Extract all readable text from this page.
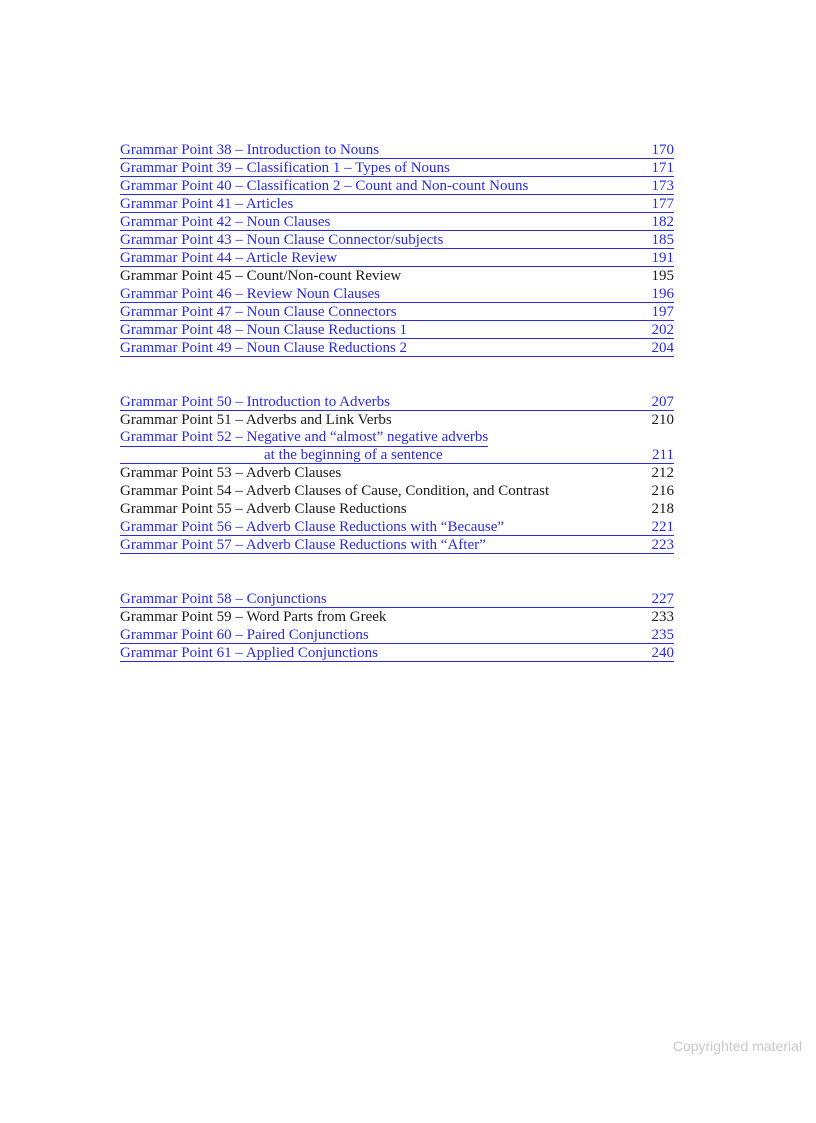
Grammar Point 38 – Introduction to Nouns	170
Grammar Point 39 – Classification 1 – Types of Nouns	171
Grammar Point 40 – Classification 2 – Count and Non-count Nouns	173
Grammar Point 41 – Articles	177
Grammar Point 42 – Noun Clauses	182
Grammar Point 43 – Noun Clause Connector/subjects	185
Grammar Point 44 – Article Review	191
Grammar Point 45 – Count/Non-count Review	195
Grammar Point 46 – Review Noun Clauses	196
Grammar Point 47 – Noun Clause Connectors	197
Grammar Point 48 – Noun Clause Reductions 1	202
Grammar Point 49 – Noun Clause Reductions 2	204
Grammar Point 50 – Introduction to Adverbs	207
Grammar Point 51 – Adverbs and Link Verbs	210
Grammar Point 52 – Negative and “almost” negative adverbs
at the beginning of a sentence	211
Grammar Point 53 – Adverb Clauses	212
Grammar Point 54 – Adverb Clauses of Cause, Condition, and Contrast	216
Grammar Point 55 – Adverb Clause Reductions	218
Grammar Point 56 – Adverb Clause Reductions with “Because”	221
Grammar Point 57 – Adverb Clause Reductions with “After”	223
Grammar Point 58 – Conjunctions	227
Grammar Point 59 – Word Parts from Greek	233
Grammar Point 60 – Paired Conjunctions	235
Grammar Point 61 – Applied Conjunctions	240
Copyrighted material
